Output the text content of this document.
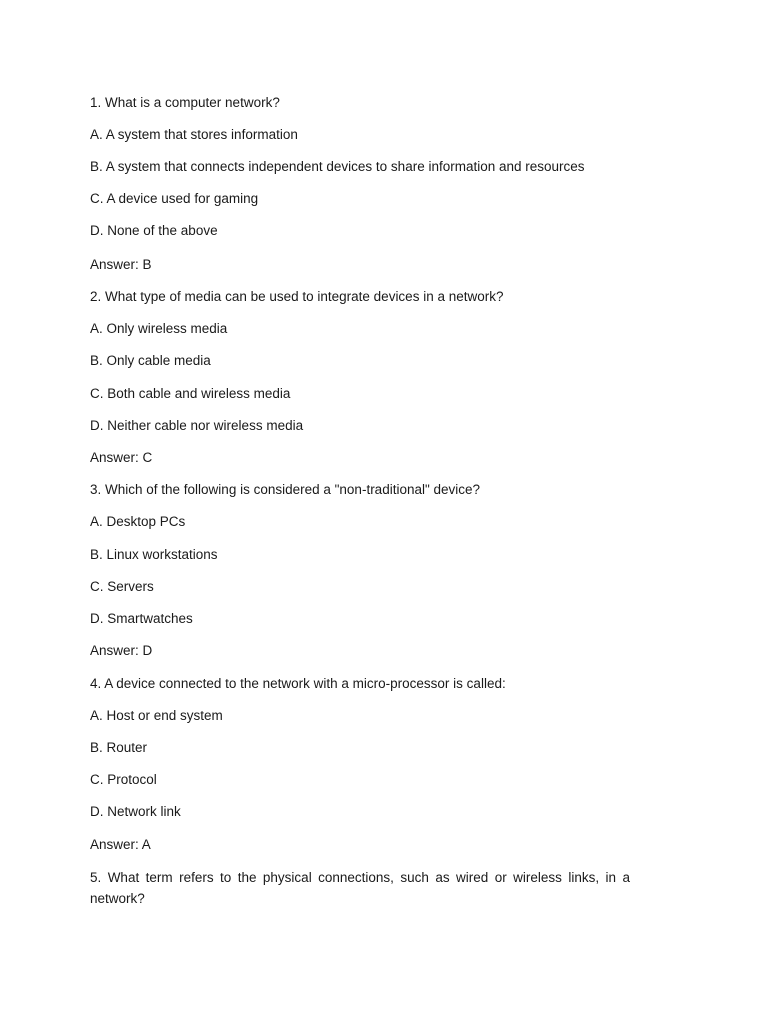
1. What is a computer network?
A. A system that stores information
B. A system that connects independent devices to share information and resources
C. A device used for gaming
D. None of the above
Answer: B
2. What type of media can be used to integrate devices in a network?
A. Only wireless media
B. Only cable media
C. Both cable and wireless media
D. Neither cable nor wireless media
Answer: C
3. Which of the following is considered a "non-traditional" device?
A. Desktop PCs
B. Linux workstations
C. Servers
D. Smartwatches
Answer: D
4. A device connected to the network with a micro-processor is called:
A. Host or end system
B. Router
C. Protocol
D. Network link
Answer: A
5. What term refers to the physical connections, such as wired or wireless links, in a network?
